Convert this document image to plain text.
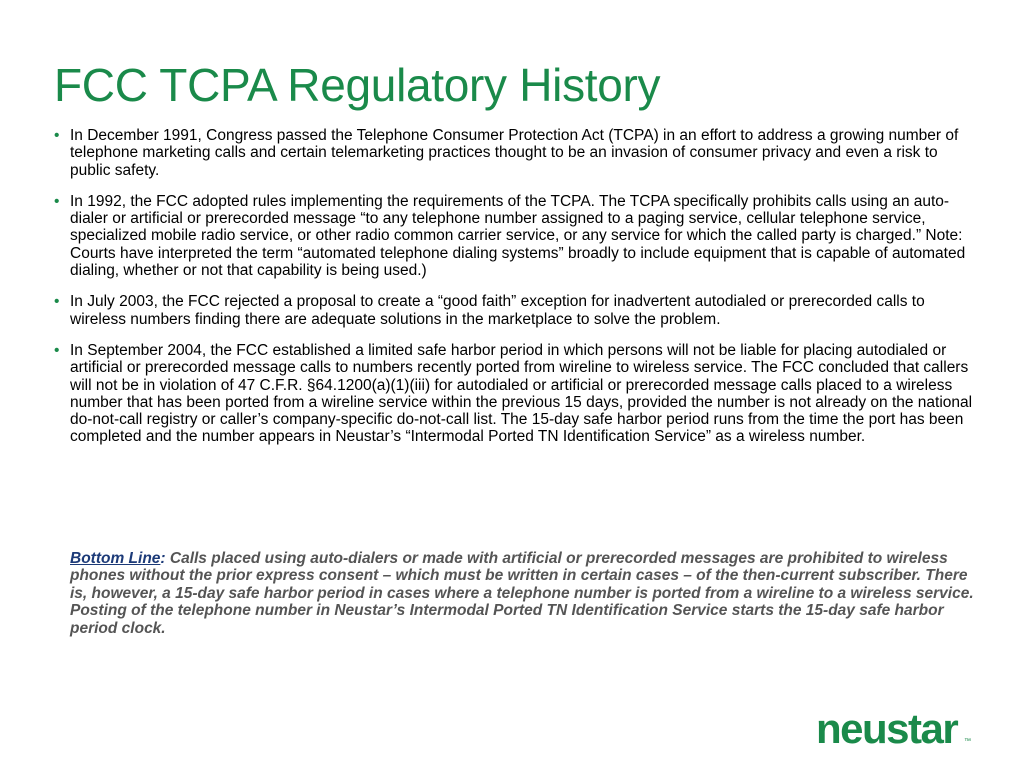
FCC TCPA Regulatory History
• In December 1991, Congress passed the Telephone Consumer Protection Act (TCPA) in an effort to address a growing number of telephone marketing calls and certain telemarketing practices thought to be an invasion of consumer privacy and even a risk to public safety.
• In 1992, the FCC adopted rules implementing the requirements of the TCPA. The TCPA specifically prohibits calls using an auto-dialer or artificial or prerecorded message “to any telephone number assigned to a paging service, cellular telephone service, specialized mobile radio service, or other radio common carrier service, or any service for which the called party is charged.” Note: Courts have interpreted the term “automated telephone dialing systems” broadly to include equipment that is capable of automated dialing, whether or not that capability is being used.)
• In July 2003, the FCC rejected a proposal to create a “good faith” exception for inadvertent autodialed or prerecorded calls to wireless numbers finding there are adequate solutions in the marketplace to solve the problem.
• In September 2004, the FCC established a limited safe harbor period in which persons will not be liable for placing autodialed or artificial or prerecorded message calls to numbers recently ported from wireline to wireless service. The FCC concluded that callers will not be in violation of 47 C.F.R. §64.1200(a)(1)(iii) for autodialed or artificial or prerecorded message calls placed to a wireless number that has been ported from a wireline service within the previous 15 days, provided the number is not already on the national do-not-call registry or caller’s company-specific do-not-call list. The 15-day safe harbor period runs from the time the port has been completed and the number appears in Neustar’s “Intermodal Ported TN Identification Service” as a wireless number.

Bottom Line: Calls placed using auto-dialers or made with artificial or prerecorded messages are prohibited to wireless phones without the prior express consent – which must be written in certain cases – of the then-current subscriber. There is, however, a 15-day safe harbor period in cases where a telephone number is ported from a wireline to a wireless service. Posting of the telephone number in Neustar’s Intermodal Ported TN Identification Service starts the 15-day safe harbor period clock.

neustar ™
